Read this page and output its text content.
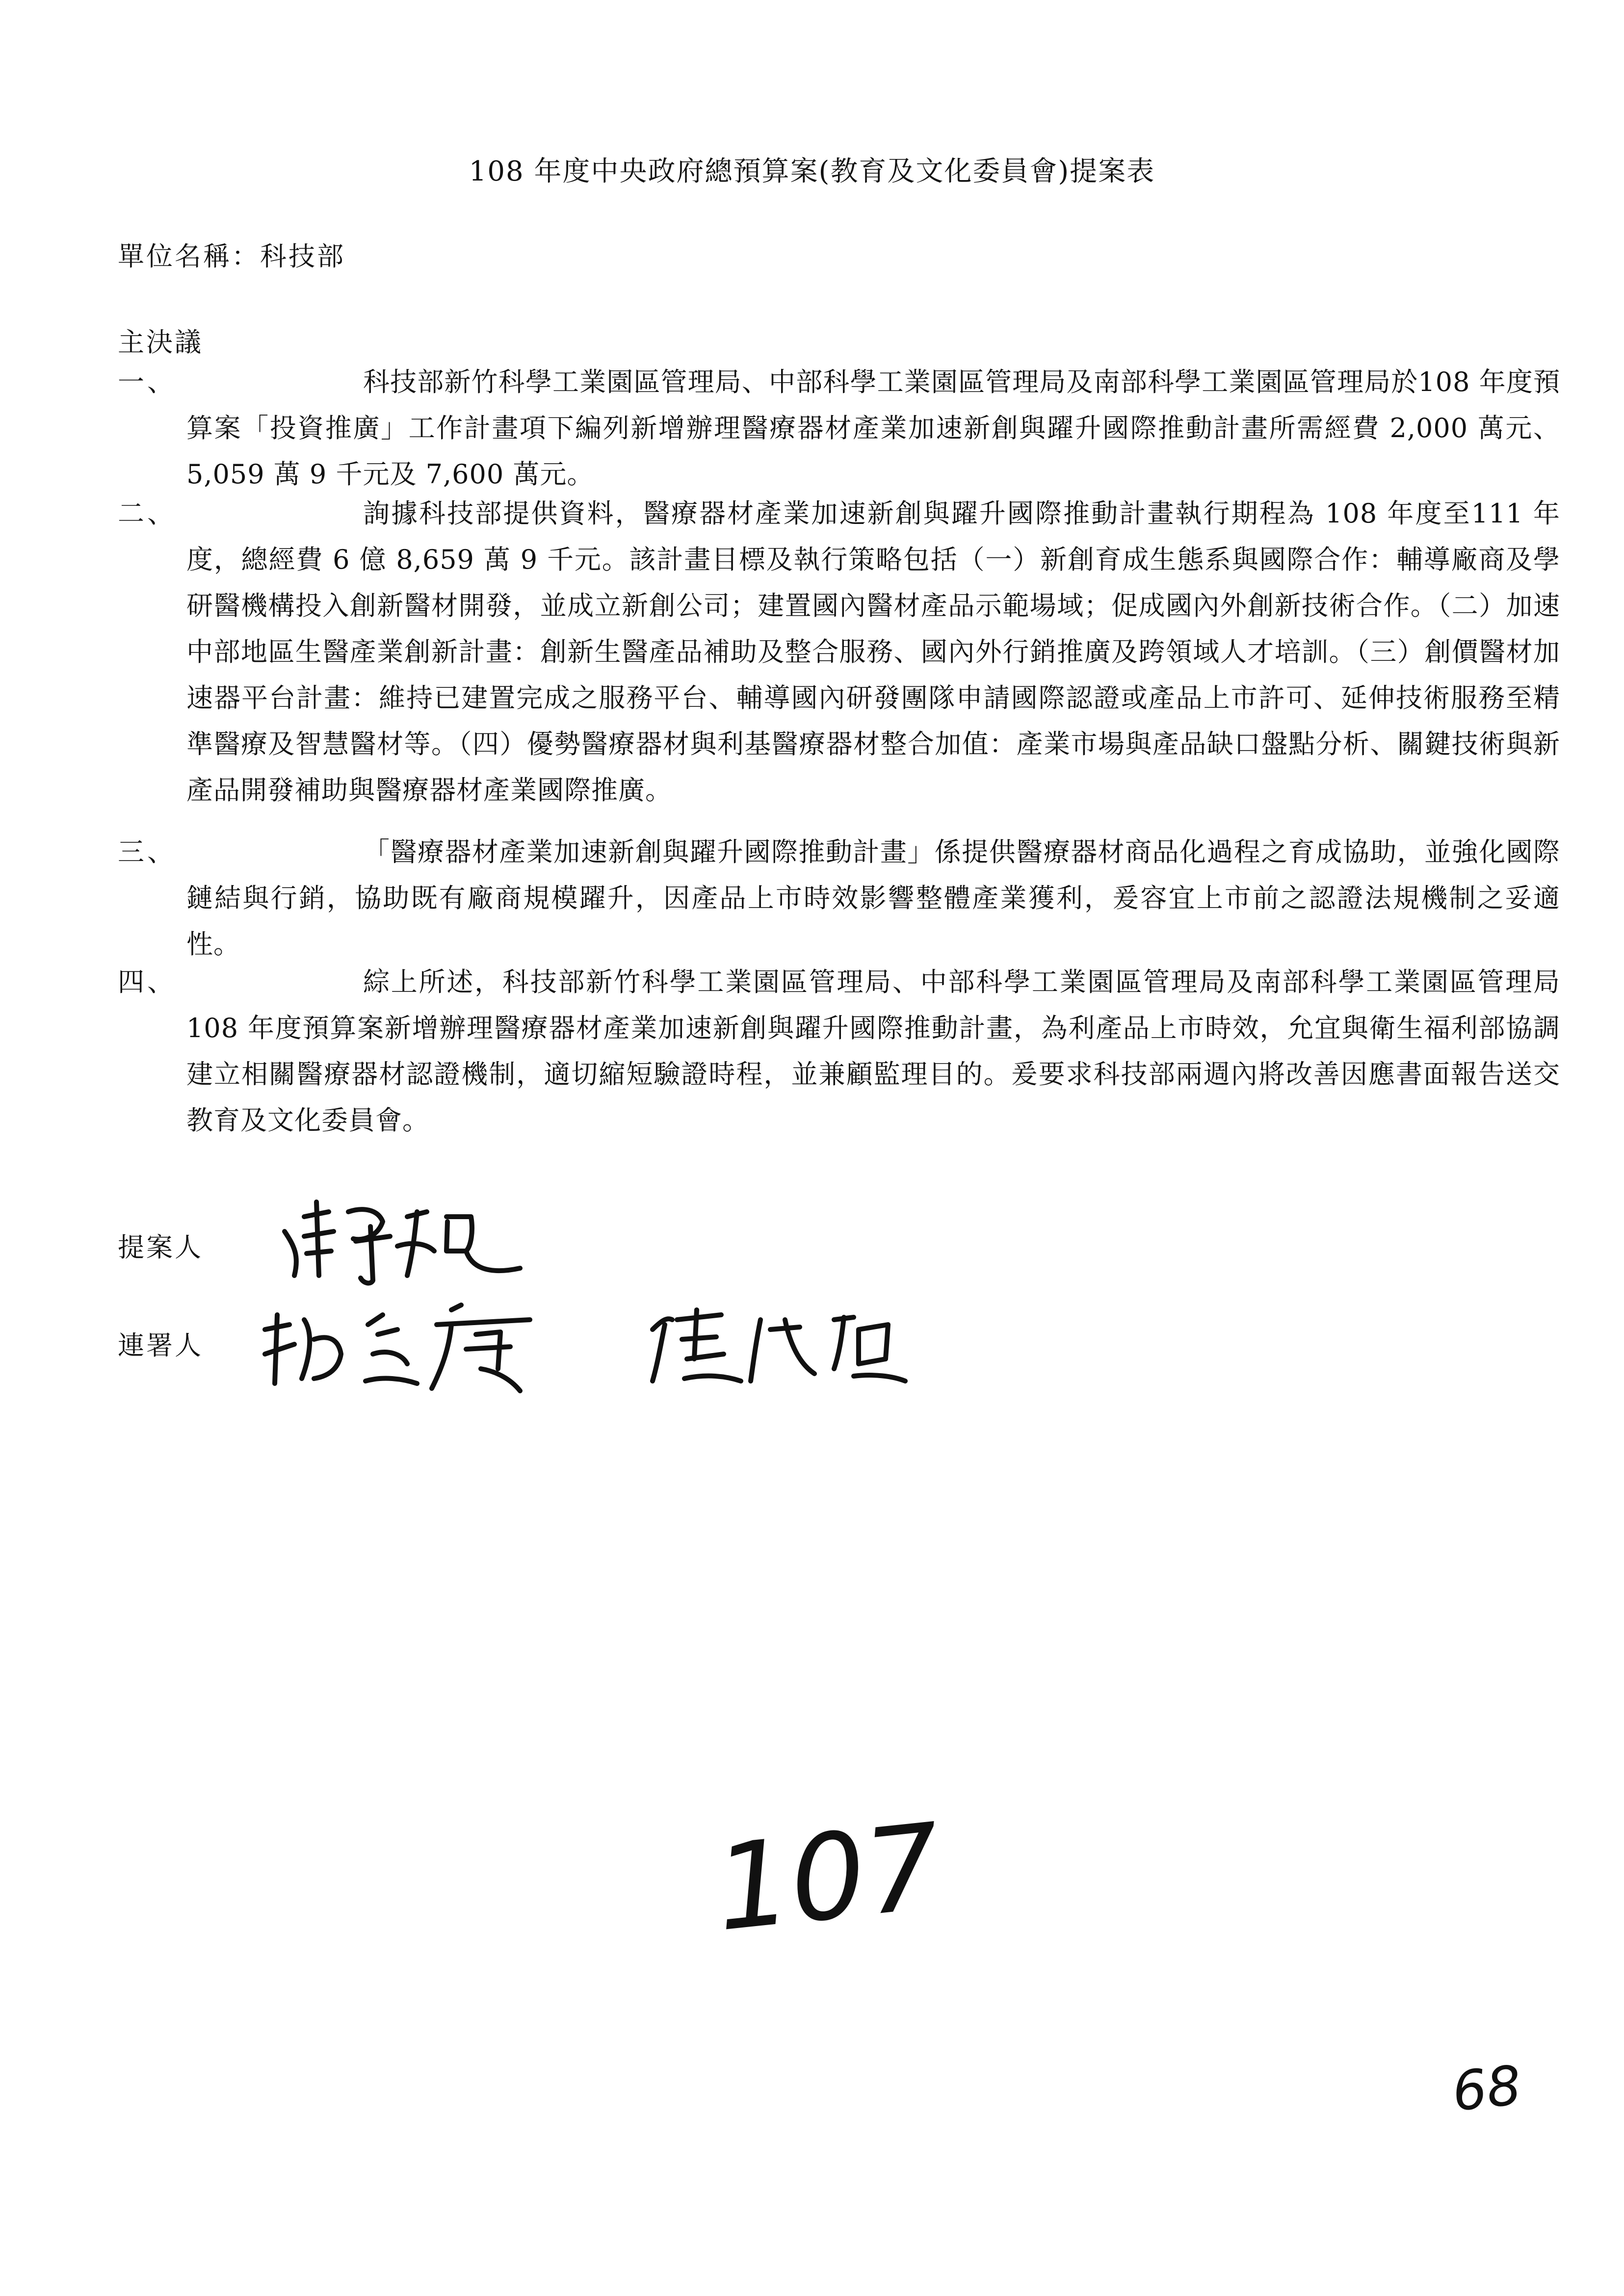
108 年度中央政府總預算案(教育及文化委員會)提案表
單位名稱：科技部
主決議
一、	科技部新竹科學工業園區管理局、中部科學工業園區管理局及南部科學工業園區管理局於108 年度預算案「投資推廣」工作計畫項下編列新增辦理醫療器材產業加速新創與躍升國際推動計畫所需經費 2,000 萬元、5,059 萬 9 千元及 7,600 萬元。
二、	詢據科技部提供資料，醫療器材產業加速新創與躍升國際推動計畫執行期程為 108 年度至111 年度，總經費 6 億 8,659 萬 9 千元。該計畫目標及執行策略包括（一）新創育成生態系與國際合作：輔導廠商及學研醫機構投入創新醫材開發，並成立新創公司；建置國內醫材產品示範場域；促成國內外創新技術合作。（二）加速中部地區生醫產業創新計畫：創新生醫產品補助及整合服務、國內外行銷推廣及跨領域人才培訓。（三）創價醫材加速器平台計畫：維持已建置完成之服務平台、輔導國內研發團隊申請國際認證或產品上市許可、延伸技術服務至精準醫療及智慧醫材等。（四）優勢醫療器材與利基醫療器材整合加值：產業市場與產品缺口盤點分析、關鍵技術與新產品開發補助與醫療器材產業國際推廣。
三、	「醫療器材產業加速新創與躍升國際推動計畫」係提供醫療器材商品化過程之育成協助，並強化國際鏈結與行銷，協助既有廠商規模躍升，因產品上市時效影響整體產業獲利，爰容宜上市前之認證法規機制之妥適性。
四、	綜上所述，科技部新竹科學工業園區管理局、中部科學工業園區管理局及南部科學工業園區管理局 108 年度預算案新增辦理醫療器材產業加速新創與躍升國際推動計畫，為利產品上市時效，允宜與衛生福利部協調建立相關醫療器材認證機制，適切縮短驗證時程，並兼顧監理目的。爰要求科技部兩週內將改善因應書面報告送交教育及文化委員會。
提案人
連署人
107
68
